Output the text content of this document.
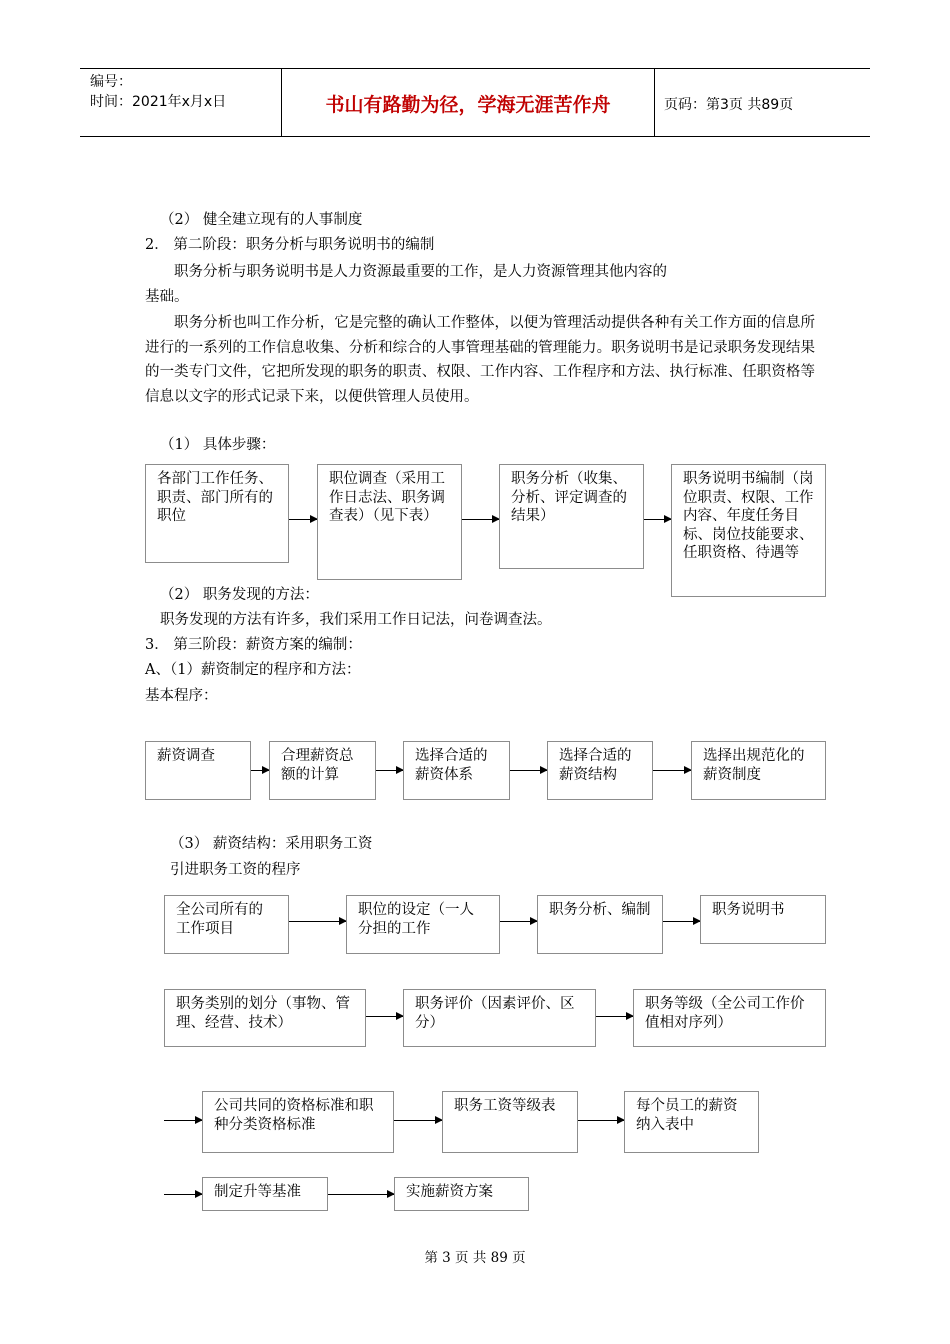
编号：
时间：2021年x月x日	书山有路勤为径，学海无涯苦作舟	页码：第3页 共89页
（2） 健全建立现有的人事制度
2． 第二阶段：职务分析与职务说明书的编制
职务分析与职务说明书是人力资源最重要的工作，是人力资源管理其他内容的
基础。
职务分析也叫工作分析，它是完整的确认工作整体，以便为管理活动提供各种有关工作方面的信息所进行的一系列的工作信息收集、分析和综合的人事管理基础的管理能力。职务说明书是记录职务发现结果的一类专门文件，它把所发现的职务的职责、权限、工作内容、工作程序和方法、执行标准、任职资格等信息以文字的形式记录下来，以便供管理人员使用。
（1） 具体步骤：
各部门工作任务、职责、部门所有的职位
职位调查（采用工作日志法、职务调查表）（见下表）
职务分析（收集、分析、评定调查的结果）
职务说明书编制（岗位职责、权限、工作内容、年度任务目标、岗位技能要求、任职资格、待遇等
（2） 职务发现的方法：
职务发现的方法有许多，我们采用工作日记法，问卷调查法。
3． 第三阶段：薪资方案的编制：
A、（1）薪资制定的程序和方法：
基本程序：
薪资调查	合理薪资总额的计算
选择合适的薪资体系
选择合适的薪资结构
选择出规范化的薪资制度
（3） 薪资结构：采用职务工资
引进职务工资的程序
全公司所有的工作项目
职位的设定（一人分担的工作
职务分析、编制	职务说明书
职务类别的划分（事物、管理、经营、技术）
职务评价（因素评价、区分）
职务等级（全公司工作价值相对序列）
公司共同的资格标准和职种分类资格标准
职务工资等级表	每个员工的薪资纳入表中
制定升等基准	实施薪资方案
第 3 页 共 89 页
